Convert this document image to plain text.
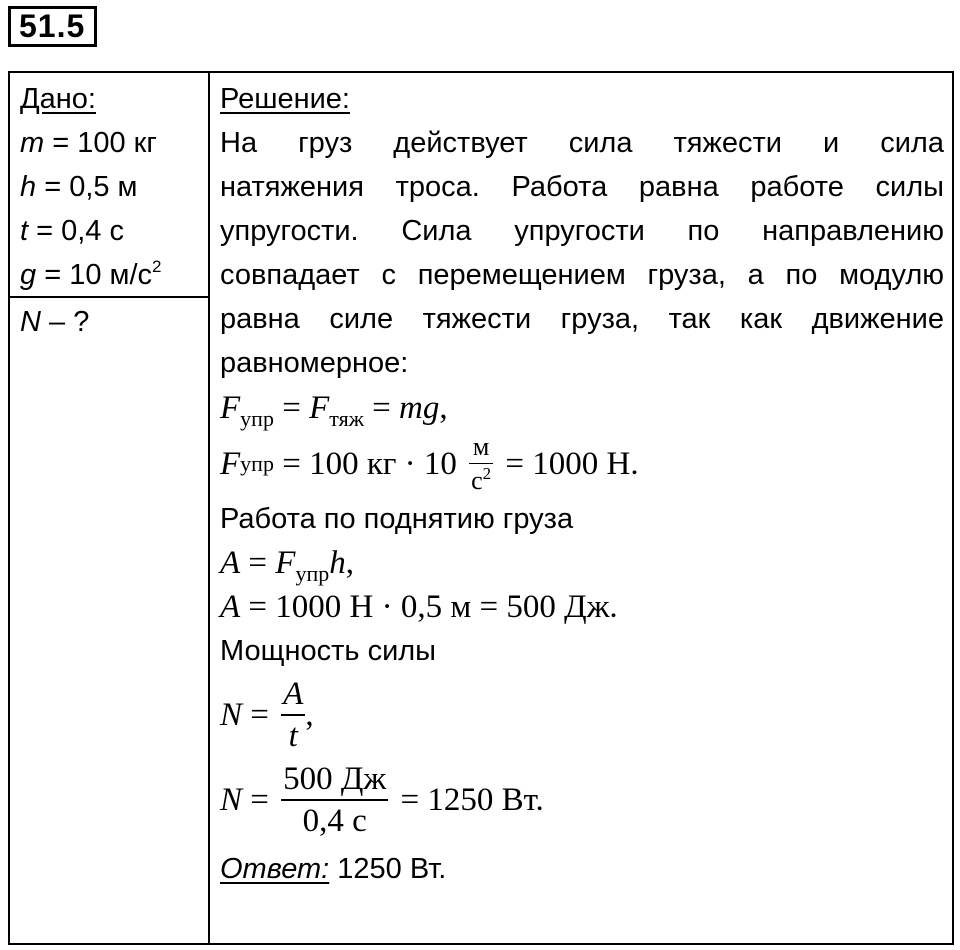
51.5
Дано:
m = 100 кг
h = 0,5 м
t = 0,4 с
g = 10 $м/с^2$
N – ?
Решение:
На груз действует сила тяжести и сила
натяжения троса. Работа равна работе силы
упругости. Сила упругости по направлению
совпадает с перемещением груза, а по модулю
равна силе тяжести груза, так как движение
равномерное:
$F_{упр} = F_{тяж}$ = mg,
F упр = 100 кг · $10 \frac{м}{с^2} = 1000$ Н.
Работа по поднятию груза
$A = F_{упр}h$,
A = 1000 Н · 0,5 м = 500 Дж.
Мощность силы
$N = \frac{A}{t}$ ,
$N = \frac{500 Дж}{0,4 с} = 1250$ Вт.
Ответ: 1250 Вт.
